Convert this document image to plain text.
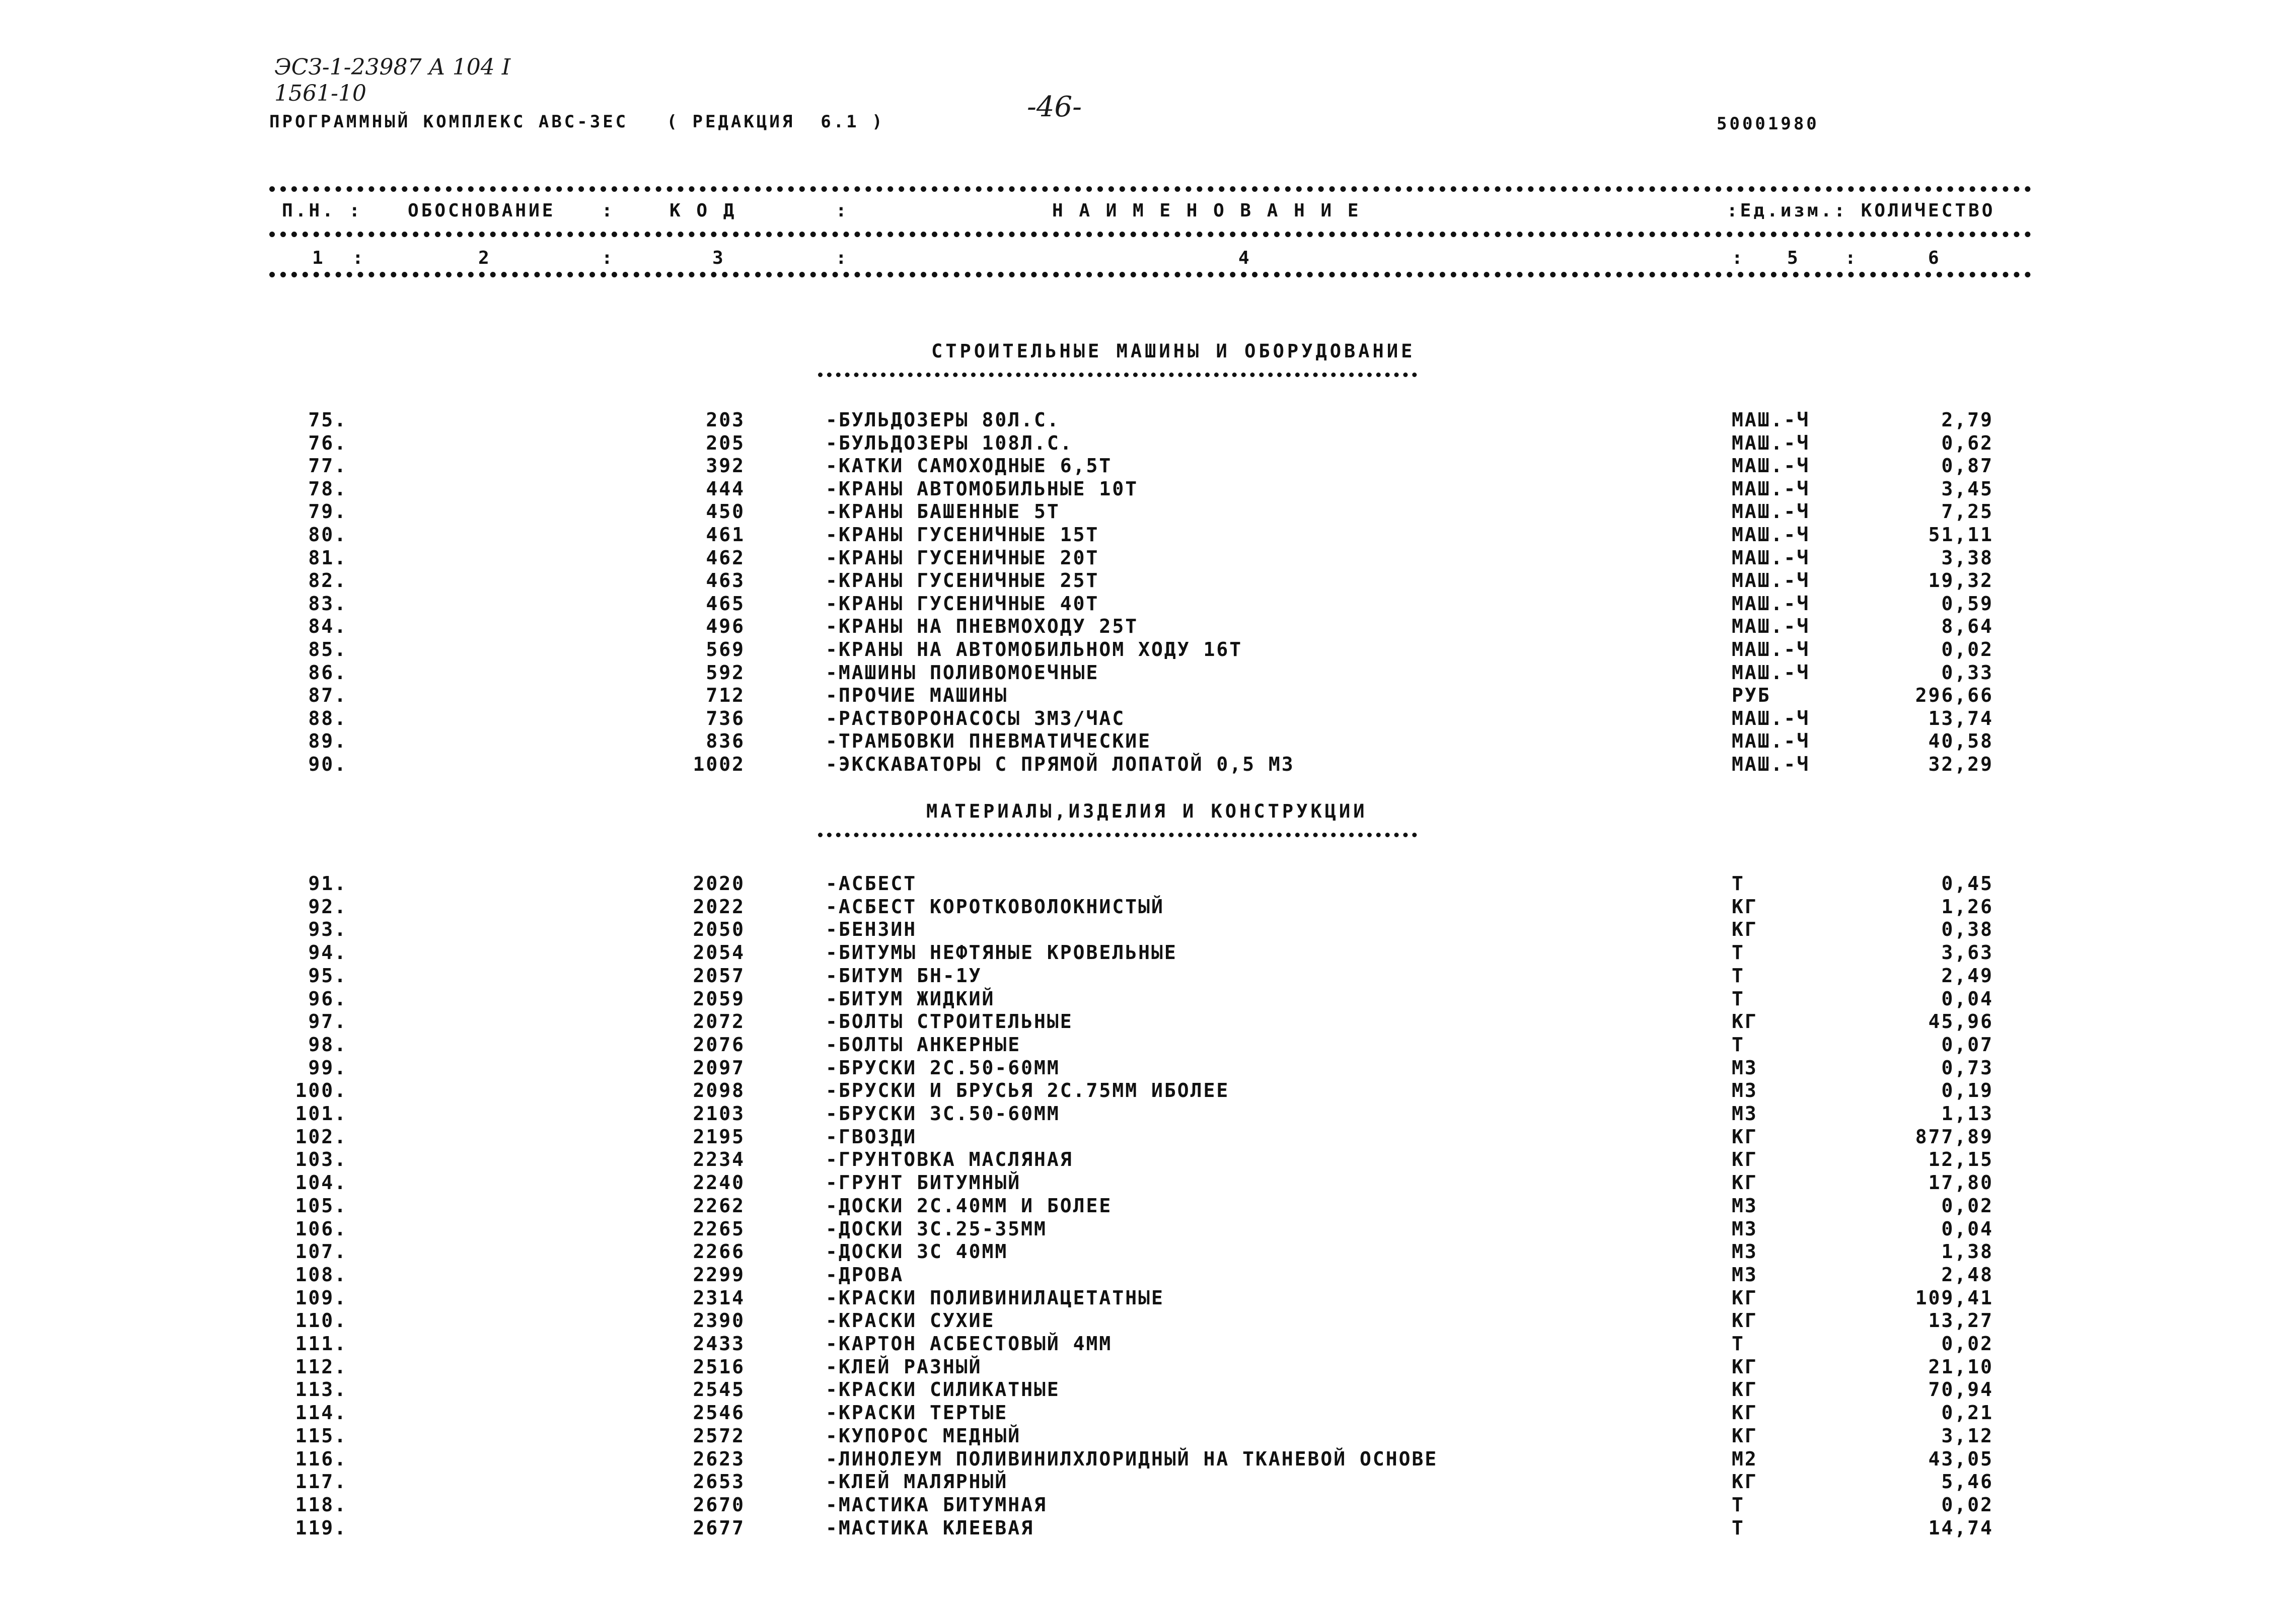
ЭСЗ-1-23987 А 104 I
1561-10	-46-
ПРОГРАММНЫЙ КОМПЛЕКС АВС-ЗЕС   ( РЕДАКЦИЯ  6.1 )	50001980
П.Н. : ОБОСНОВАНИЕ	:	К О Д	:	Н А И М Е Н О В А Н И Е	:Ед.изм.: КОЛИЧЕСТВО
1 :	2	:	3	:	4	: 5 :	6
СТРОИТЕЛЬНЫЕ МАШИНЫ И ОБОРУДОВАНИЕ
75.	203	-БУЛЬДОЗЕРЫ 80Л.С.	МАШ.-Ч	2,79
76.	205	-БУЛЬДОЗЕРЫ 108Л.С.	МАШ.-Ч	0,62
77.	392	-КАТКИ САМОХОДНЫЕ 6,5Т	МАШ.-Ч	0,87
78.	444	-КРАНЫ АВТОМОБИЛЬНЫЕ 10Т	МАШ.-Ч	3,45
79.	450	-КРАНЫ БАШЕННЫЕ 5Т	МАШ.-Ч	7,25
80.	461	-КРАНЫ ГУСЕНИЧНЫЕ 15Т	МАШ.-Ч	51,11
81.	462	-КРАНЫ ГУСЕНИЧНЫЕ 20Т	МАШ.-Ч	3,38
82.	463	-КРАНЫ ГУСЕНИЧНЫЕ 25Т	МАШ.-Ч	19,32
83.	465	-КРАНЫ ГУСЕНИЧНЫЕ 40Т	МАШ.-Ч	0,59
84.	496	-КРАНЫ НА ПНЕВМОХОДУ 25Т	МАШ.-Ч	8,64
85.	569	-КРАНЫ НА АВТОМОБИЛЬНОМ ХОДУ 16Т	МАШ.-Ч	0,02
86.	592	-МАШИНЫ ПОЛИВОМОЕЧНЫЕ	МАШ.-Ч	0,33
87.	712	-ПРОЧИЕ МАШИНЫ	РУБ	296,66
88.	736	-РАСТВОРОНАСОСЫ 3М3/ЧАС	МАШ.-Ч	13,74
89.	836	-ТРАМБОВКИ ПНЕВМАТИЧЕСКИЕ	МАШ.-Ч	40,58
90.	1002	-ЭКСКАВАТОРЫ С ПРЯМОЙ ЛОПАТОЙ 0,5 М3	МАШ.-Ч	32,29
МАТЕРИАЛЫ,ИЗДЕЛИЯ И КОНСТРУКЦИИ
91.	2020	-АСБЕСТ	Т	0,45
92.	2022	-АСБЕСТ КОРОТКОВОЛОКНИСТЫЙ	КГ	1,26
93.	2050	-БЕНЗИН	КГ	0,38
94.	2054	-БИТУМЫ НЕФТЯНЫЕ КРОВЕЛЬНЫЕ	Т	3,63
95.	2057	-БИТУМ БН-1У	Т	2,49
96.	2059	-БИТУМ ЖИДКИЙ	Т	0,04
97.	2072	-БОЛТЫ СТРОИТЕЛЬНЫЕ	КГ	45,96
98.	2076	-БОЛТЫ АНКЕРНЫЕ	Т	0,07
99.	2097	-БРУСКИ 2С.50-60ММ	М3	0,73
100.	2098	-БРУСКИ И БРУСЬЯ 2С.75ММ ИБОЛЕЕ	М3	0,19
101.	2103	-БРУСКИ 3С.50-60ММ	М3	1,13
102.	2195	-ГВОЗДИ	КГ	877,89
103.	2234	-ГРУНТОВКА МАСЛЯНАЯ	КГ	12,15
104.	2240	-ГРУНТ БИТУМНЫЙ	КГ	17,80
105.	2262	-ДОСКИ 2С.40ММ И БОЛЕЕ	М3	0,02
106.	2265	-ДОСКИ 3С.25-35ММ	М3	0,04
107.	2266	-ДОСКИ 3С 40ММ	М3	1,38
108.	2299	-ДРОВА	М3	2,48
109.	2314	-КРАСКИ ПОЛИВИНИЛАЦЕТАТНЫЕ	КГ	109,41
110.	2390	-КРАСКИ СУХИЕ	КГ	13,27
111.	2433	-КАРТОН АСБЕСТОВЫЙ 4ММ	Т	0,02
112.	2516	-КЛЕЙ РАЗНЫЙ	КГ	21,10
113.	2545	-КРАСКИ СИЛИКАТНЫЕ	КГ	70,94
114.	2546	-КРАСКИ ТЕРТЫЕ	КГ	0,21
115.	2572	-КУПОРОС МЕДНЫЙ	КГ	3,12
116.	2623	-ЛИНОЛЕУМ ПОЛИВИНИЛХЛОРИДНЫЙ НА ТКАНЕВОЙ ОСНОВЕ	М2	43,05
117.	2653	-КЛЕЙ МАЛЯРНЫЙ	КГ	5,46
118.	2670	-МАСТИКА БИТУМНАЯ	Т	0,02
119.	2677	-МАСТИКА КЛЕЕВАЯ	Т	14,74
